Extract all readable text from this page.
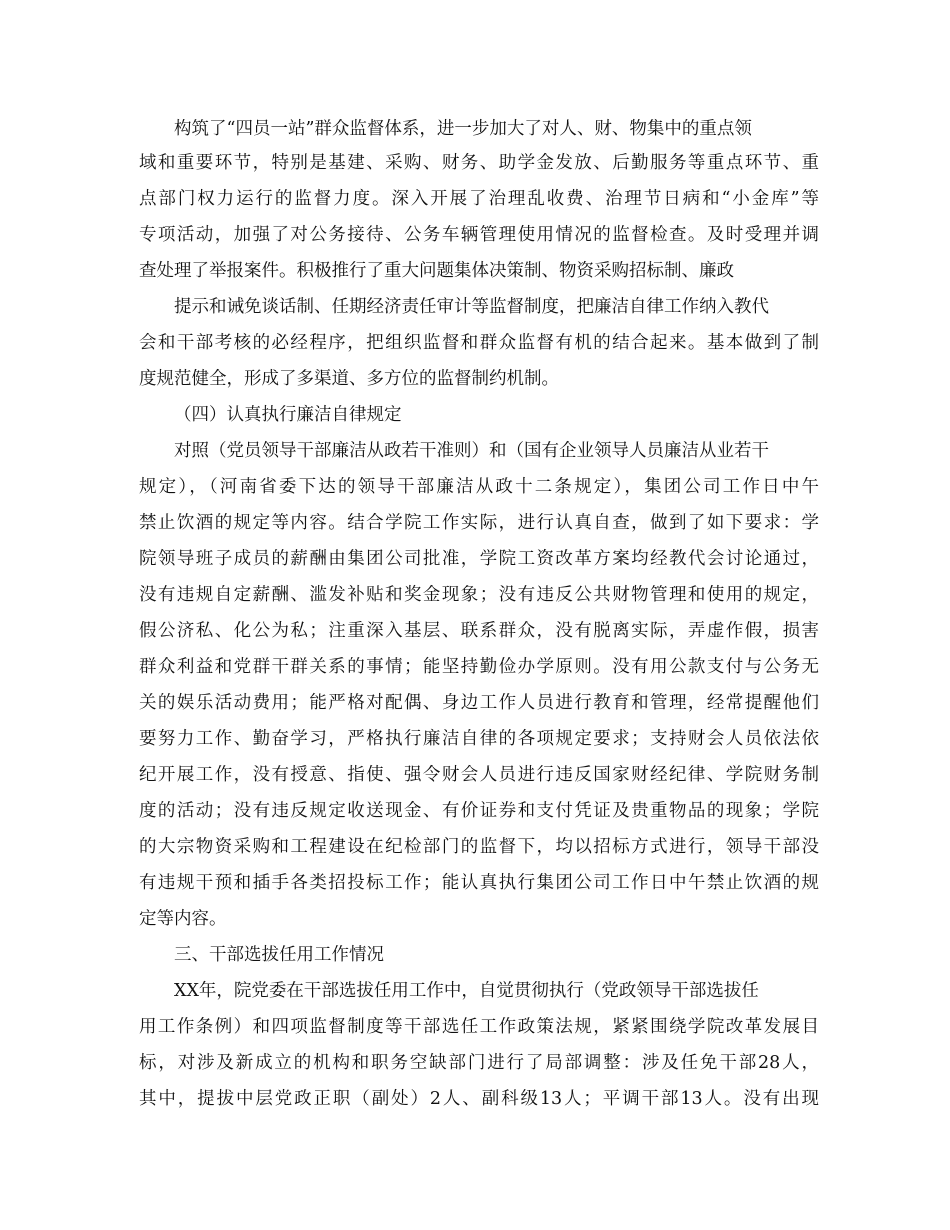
构筑了“四员一站”群众监督体系，进一步加大了对人、财、物集中的重点领
域和重要环节，特别是基建、采购、财务、助学金发放、后勤服务等重点环节、重
点部门权力运行的监督力度。深入开展了治理乱收费、治理节日病和“小金库”等
专项活动，加强了对公务接待、公务车辆管理使用情况的监督检查。及时受理并调
查处理了举报案件。积极推行了重大问题集体决策制、物资采购招标制、廉政
提示和诫免谈话制、任期经济责任审计等监督制度，把廉洁自律工作纳入教代
会和干部考核的必经程序，把组织监督和群众监督有机的结合起来。基本做到了制
度规范健全，形成了多渠道、多方位的监督制约机制。
（四）认真执行廉洁自律规定
对照（党员领导干部廉洁从政若干准则）和（国有企业领导人员廉洁从业若干
规定），（河南省委下达的领导干部廉洁从政十二条规定），集团公司工作日中午
禁止饮酒的规定等内容。结合学院工作实际，进行认真自查，做到了如下要求：学
院领导班子成员的薪酬由集团公司批准，学院工资改革方案均经教代会讨论通过，
没有违规自定薪酬、滥发补贴和奖金现象；没有违反公共财物管理和使用的规定，
假公济私、化公为私；注重深入基层、联系群众，没有脱离实际，弄虚作假，损害
群众利益和党群干群关系的事情；能坚持勤俭办学原则。没有用公款支付与公务无
关的娱乐活动费用；能严格对配偶、身边工作人员进行教育和管理，经常提醒他们
要努力工作、勤奋学习，严格执行廉洁自律的各项规定要求；支持财会人员依法依
纪开展工作，没有授意、指使、强令财会人员进行违反国家财经纪律、学院财务制
度的活动；没有违反规定收送现金、有价证券和支付凭证及贵重物品的现象；学院
的大宗物资采购和工程建设在纪检部门的监督下，均以招标方式进行，领导干部没
有违规干预和插手各类招投标工作；能认真执行集团公司工作日中午禁止饮酒的规
定等内容。
三、干部选拔任用工作情况
XX年，院党委在干部选拔任用工作中，自觉贯彻执行（党政领导干部选拔任
用工作条例）和四项监督制度等干部选任工作政策法规，紧紧围绕学院改革发展目
标，对涉及新成立的机构和职务空缺部门进行了局部调整：涉及任免干部28人，
其中，提拔中层党政正职（副处）2人、副科级13人；平调干部13人。没有出现
